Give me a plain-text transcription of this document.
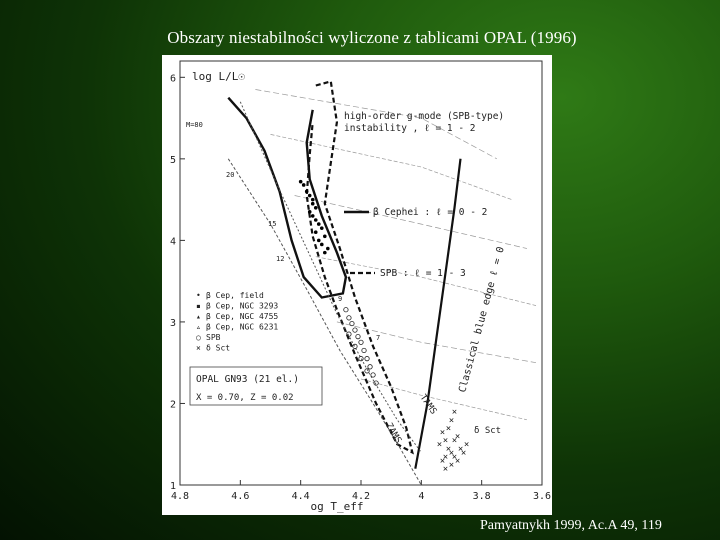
Obszary niestabilności wyliczone z tablicami OPAL (1996)
4.8	4.6	4.4	4.2	4	3.8	3.6
1
2
3
4
5
6
og T_eff
log L/L☉
×
×
×
×
×
×
×
×
×
×
×
×
×
×
×
×
×
×
×
high-order g-mode (SPB-type)
instability , ℓ = 1 - 2
β Cephei : ℓ = 0 - 2
SPB : ℓ = 1 - 3
• β Cep, field
▪ β Cep, NGC 3293
▴ β Cep, NGC 4755
▵ β Cep, NGC 6231
○ SPB
× δ Sct
OPAL GN93 (21 el.)
X = 0.70, Z = 0.02
Classical blue edge ℓ = 0
TAMS
ZAMS	δ Sct
M=80
20
15
12
9
7
Pamyatnykh 1999, Ac.A 49, 119
